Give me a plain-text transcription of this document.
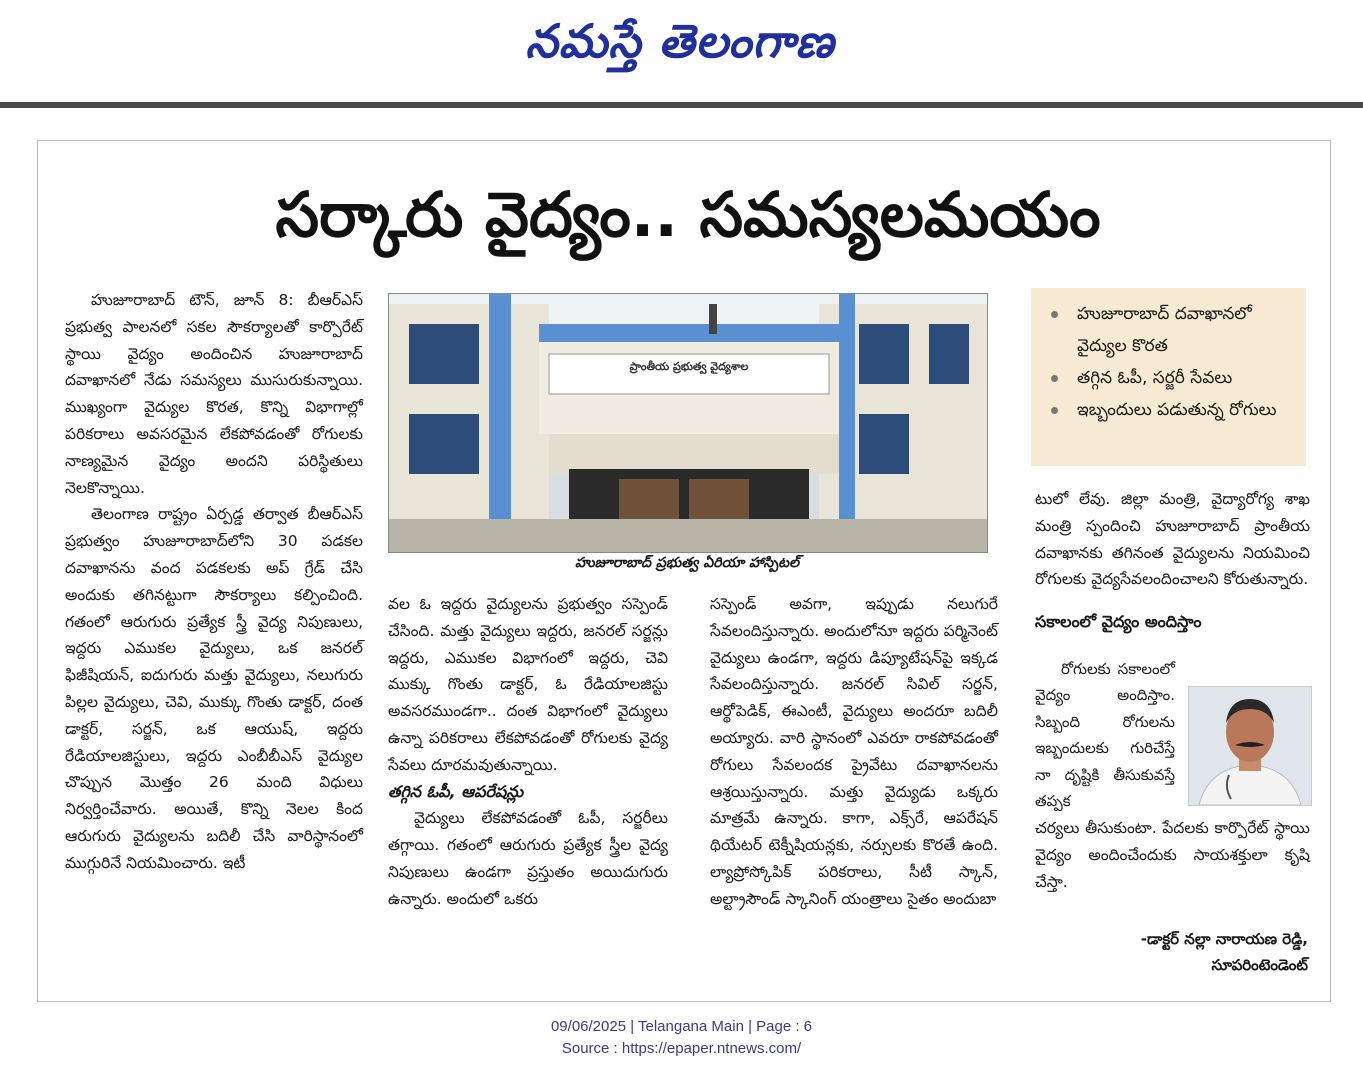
నమస్తే తెలంగాణ
సర్కారు వైద్యం.. సమస్యలమయం

హుజూరాబాద్ టౌన్, జూన్ 8: బీఆర్ఎస్ ప్రభుత్వ పాలనలో సకల సౌకర్యాలతో కార్పొరేట్ స్థాయి వైద్యం అందించిన హుజూరాబాద్ దవాఖానలో నేడు సమస్యలు ముసురుకున్నాయి. ముఖ్యంగా వైద్యుల కొరత, కొన్ని విభాగాల్లో పరికరాలు అవసరమైన లేకపోవడంతో రోగులకు నాణ్యమైన వైద్యం అందని పరిస్థితులు నెలకొన్నాయి.

తెలంగాణ రాష్ట్రం ఏర్పడ్డ తర్వాత బీఆర్ఎస్ ప్రభుత్వం హుజూరాబాద్‌లోని 30 పడకల దవాఖానను వంద పడకలకు అప్ గ్రేడ్ చేసి అందుకు తగినట్టుగా సౌకర్యాలు కల్పించింది. గతంలో ఆరుగురు ప్రత్యేక స్త్రీ వైద్య నిపుణులు, ఇద్దరు ఎముకల వైద్యులు, ఒక జనరల్ ఫిజీషియన్, ఐదుగురు మత్తు వైద్యులు, నలుగురు పిల్లల వైద్యులు, చెవి, ముక్కు గొంతు డాక్టర్, దంత డాక్టర్, సర్జన్, ఒక ఆయుష్, ఇద్దరు రేడియాలజిస్టులు, ఇద్దరు ఎంబీబీఎస్ వైద్యుల చొప్పున మొత్తం 26 మంది విధులు నిర్వర్తించేవారు. అయితే, కొన్ని నెలల కింద ఆరుగురు వైద్యులను బదిలీ చేసి వారిస్థానంలో ముగ్గురినే నియమించారు. ఇటీ

ప్రాంతీయ ప్రభుత్వ వైద్యశాల
హుజూరాబాద్ ప్రభుత్వ ఏరియా హాస్పిటల్

వల ఓ ఇద్దరు వైద్యులను ప్రభుత్వం సస్పెండ్ చేసింది. మత్తు వైద్యులు ఇద్దరు, జనరల్ సర్జన్లు ఇద్దరు, ఎముకల విభాగంలో ఇద్దరు, చెవి ముక్కు గొంతు డాక్టర్, ఓ రేడియాలజిస్టు అవసరముండగా.. దంత విభాగంలో వైద్యులు ఉన్నా పరికరాలు లేకపోవడంతో రోగులకు వైద్య సేవలు దూరమవుతున్నాయి.

తగ్గిన ఓపీ, ఆపరేషన్లు

వైద్యులు లేకపోవడంతో ఓపీ, సర్జరీలు తగ్గాయి. గతంలో ఆరుగురు ప్రత్యేక స్త్రీల వైద్య నిపుణులు ఉండగా ప్రస్తుతం అయిదుగురు ఉన్నారు. అందులో ఒకరు

సస్పెండ్ అవగా, ఇప్పుడు నలుగురే సేవలందిస్తున్నారు. అందులోనూ ఇద్దరు పర్మినెంట్ వైద్యులు ఉండగా, ఇద్దరు డిప్యూటేషన్‌పై ఇక్కడ సేవలందిస్తున్నారు. జనరల్ సివిల్ సర్జన్, ఆర్థోపెడిక్, ఈఎంటీ, వైద్యులు అందరూ బదిలీ అయ్యారు. వారి స్థానంలో ఎవరూ రాకపోవడంతో రోగులు సేవలందక ప్రైవేటు దవాఖానలను ఆశ్రయిస్తున్నారు. మత్తు వైద్యుడు ఒక్కరు మాత్రమే ఉన్నారు. కాగా, ఎక్స్‌రే, ఆపరేషన్ థియేటర్ టెక్నీషియన్లకు, నర్సులకు కొరతే ఉంది. ల్యాప్రోస్కోపిక్ పరికరాలు, సీటీ స్కాన్, అల్ట్రాసౌండ్ స్కానింగ్ యంత్రాలు సైతం అందుబా

హుజూరాబాద్ దవాఖానలో వైద్యుల కొరత
తగ్గిన ఓపీ, సర్జరీ సేవలు
ఇబ్బందులు పడుతున్న రోగులు

టులో లేవు. జిల్లా మంత్రి, వైద్యారోగ్య శాఖ మంత్రి స్పందించి హుజూరాబాద్ ప్రాంతీయ దవాఖానకు తగినంత వైద్యులను నియమించి రోగులకు వైద్యసేవలందించాలని కోరుతున్నారు.

సకాలంలో వైద్యం అందిస్తాం

రోగులకు సకాలంలో వైద్యం అందిస్తాం. సిబ్బంది రోగులను ఇబ్బందులకు గురిచేస్తే నా దృష్టికి తీసుకువస్తే తప్పక

చర్యలు తీసుకుంటా. పేదలకు కార్పొరేట్ స్థాయి వైద్యం అందించేందుకు సాయశక్తులా కృషి చేస్తా.

-డాక్టర్ నల్లా నారాయణ రెడ్డి,
సూపరింటెండెంట్
09/06/2025 | Telangana Main | Page : 6
Source : https://epaper.ntnews.com/
